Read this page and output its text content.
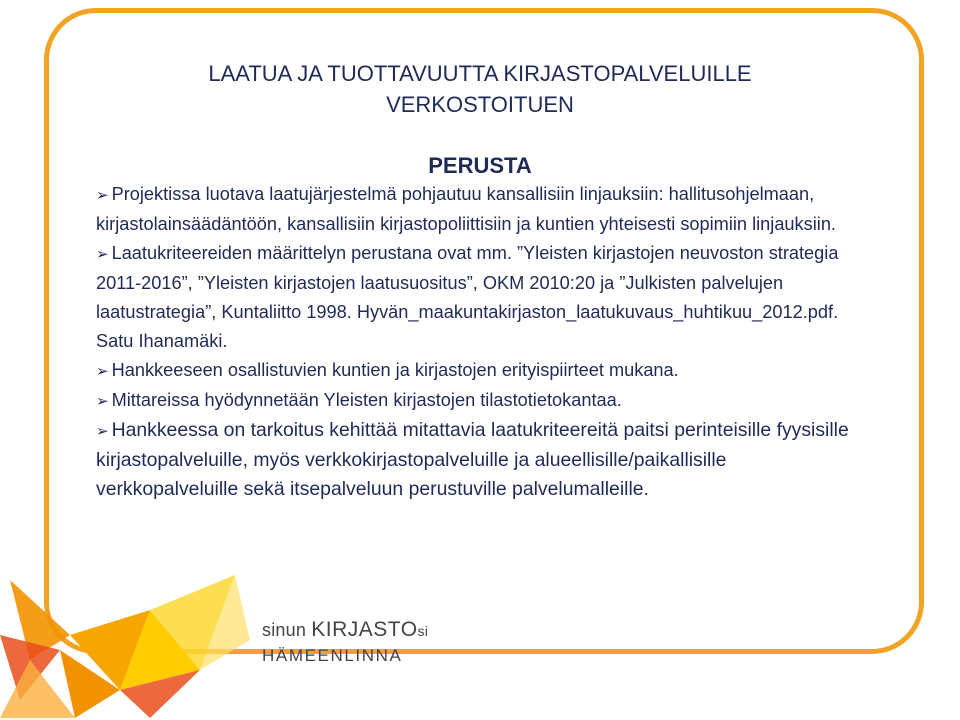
LAATUA JA TUOTTAVUUTTA KIRJASTOPALVELUILLE
VERKOSTOITUEN
PERUSTA

➢ Projektissa luotava laatujärjestelmä pohjautuu kansallisiin linjauksiin: hallitusohjelmaan, kirjastolainsäädäntöön, kansallisiin kirjastopoliittisiin ja kuntien yhteisesti sopimiin linjauksiin.

➢ Laatukriteereiden määrittelyn perustana ovat mm. ”Yleisten kirjastojen neuvoston strategia 2011-2016”, ”Yleisten kirjastojen laatusuositus”, OKM 2010:20 ja ”Julkisten palvelujen laatustrategia”, Kuntaliitto 1998. Hyvän_maakuntakirjaston_laatukuvaus_huhtikuu_2012.pdf. Satu Ihanamäki.

➢ Hankkeeseen osallistuvien kuntien ja kirjastojen erityispiirteet mukana.

➢ Mittareissa hyödynnetään Yleisten kirjastojen tilastotietokantaa.

➢ Hankkeessa on tarkoitus kehittää mitattavia laatukriteereitä paitsi perinteisille fyysisille kirjastopalveluille, myös verkkokirjastopalveluille ja alueellisille/paikallisille verkkopalveluille sekä itsepalveluun perustuville palvelumalleille.

sinun KIRJASTOsi
HÄMEENLINNA
